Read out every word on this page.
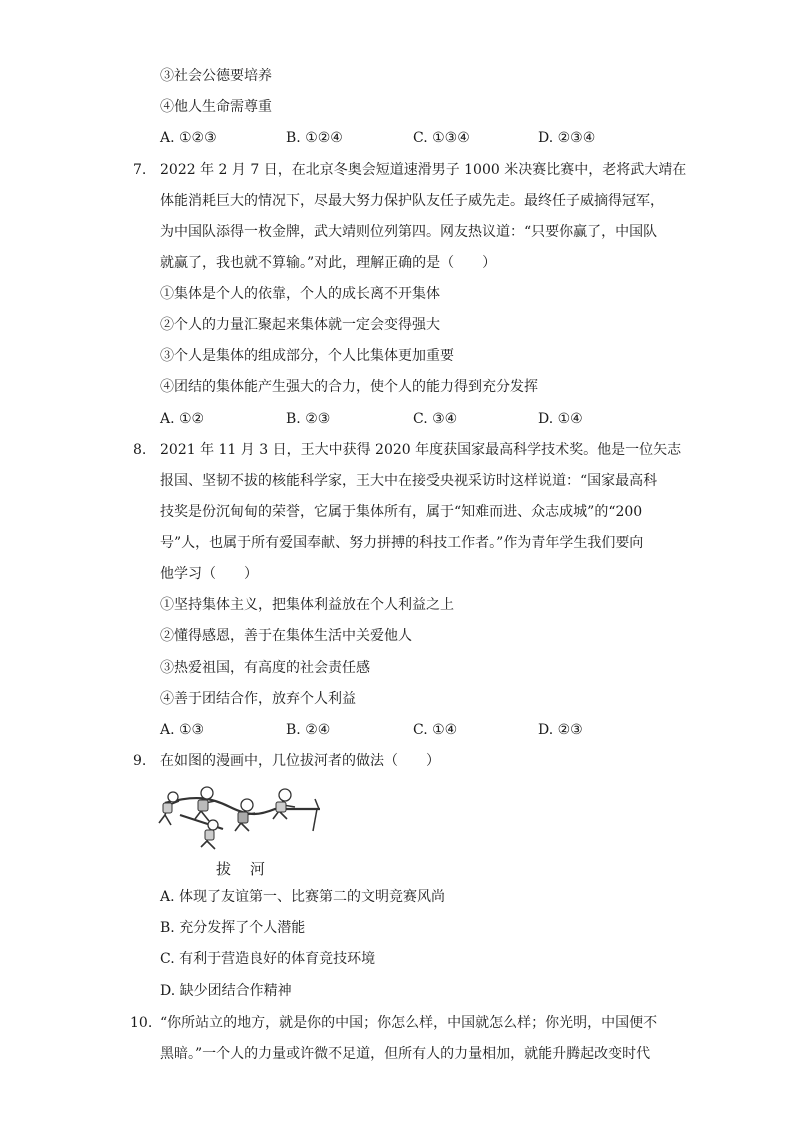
③社会公德要培养
④他人生命需尊重
A. ①②③	B. ①②④	C. ①③④	D. ②③④
7. 2022 年 2 月 7 日，在北京冬奥会短道速滑男子 1000 米决赛比赛中，老将武大靖在
体能消耗巨大的情况下，尽最大努力保护队友任子威先走。最终任子威摘得冠军，
为中国队添得一枚金牌，武大靖则位列第四。网友热议道：“只要你赢了，中国队
就赢了，我也就不算输。”对此，理解正确的是（　　）
①集体是个人的依靠，个人的成长离不开集体
②个人的力量汇聚起来集体就一定会变得强大
③个人是集体的组成部分，个人比集体更加重要
④团结的集体能产生强大的合力，使个人的能力得到充分发挥
A. ①②	B. ②③	C. ③④	D. ①④
8. 2021 年 11 月 3 日，王大中获得 2020 年度获国家最高科学技术奖。他是一位矢志
报国、坚韧不拔的核能科学家，王大中在接受央视采访时这样说道：“国家最高科
技奖是份沉甸甸的荣誉，它属于集体所有，属于“知难而进、众志成城”的“200
号”人，也属于所有爱国奉献、努力拼搏的科技工作者。”作为青年学生我们要向
他学习（　　）
①坚持集体主义，把集体利益放在个人利益之上
②懂得感恩，善于在集体生活中关爱他人
③热爱祖国，有高度的社会责任感
④善于团结合作，放弃个人利益
A. ①③	B. ②④	C. ①④	D. ②③
9. 在如图的漫画中，几位拔河者的做法（　　）
拔　河
A. 体现了友谊第一、比赛第二的文明竞赛风尚
B. 充分发挥了个人潜能
C. 有利于营造良好的体育竞技环境
D. 缺少团结合作精神
10. “你所站立的地方，就是你的中国；你怎么样，中国就怎么样；你光明，中国便不
黑暗。”一个人的力量或许微不足道，但所有人的力量相加，就能升腾起改变时代
